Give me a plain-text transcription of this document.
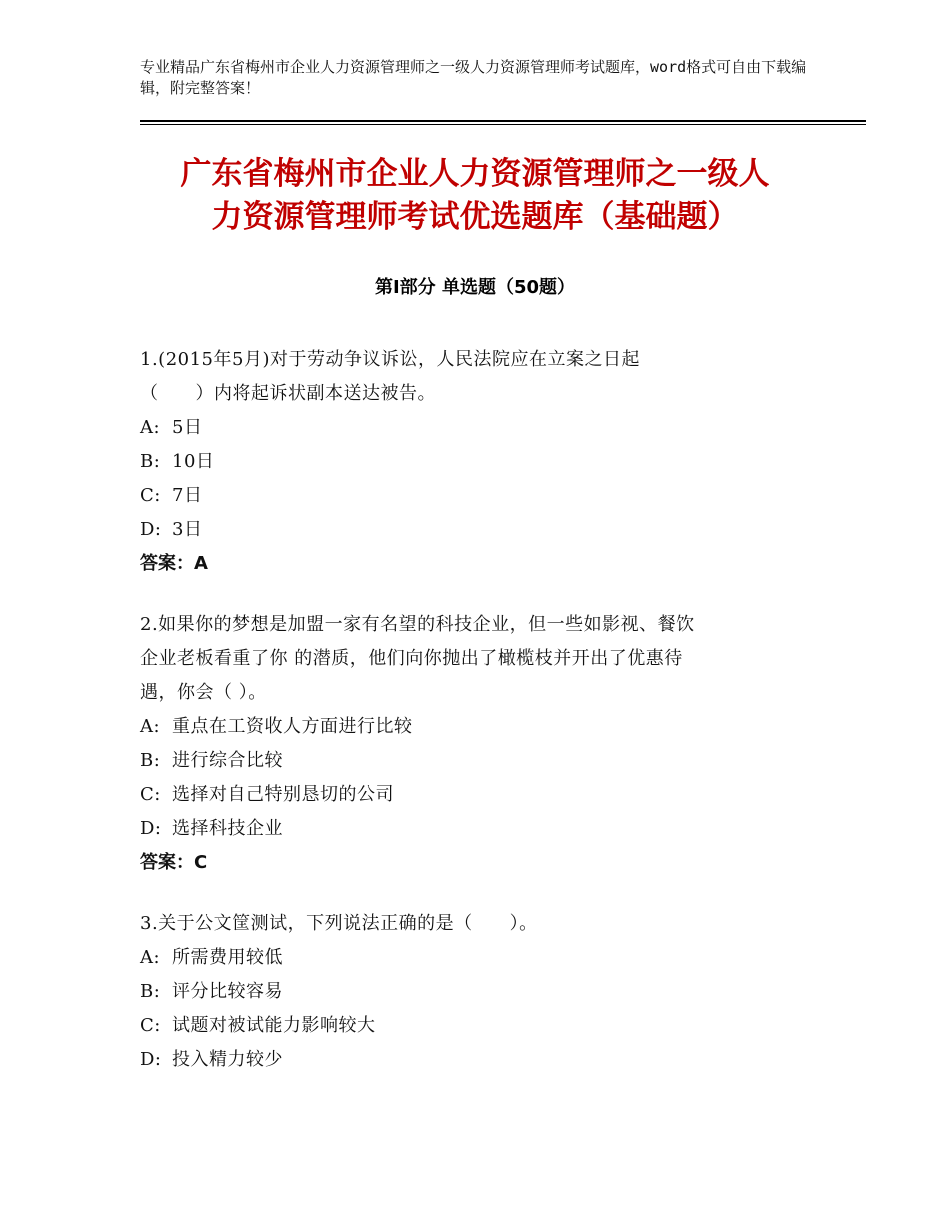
专业精品广东省梅州市企业人力资源管理师之一级人力资源管理师考试题库，word格式可自由下载编辑，附完整答案！
广东省梅州市企业人力资源管理师之一级人
力资源管理师考试优选题库（基础题）
第Ⅰ部分 单选题（50题）
1.(2015年5月)对于劳动争议诉讼，人民法院应在立案之日起
（　　）内将起诉状副本送达被告。
A: 5日
B: 10日
C: 7日
D: 3日
答案：A
2.如果你的梦想是加盟一家有名望的科技企业，但一些如影视、餐饮
企业老板看重了你 的潜质，他们向你抛出了橄榄枝并开出了优惠待
遇，你会（ ）。
A: 重点在工资收人方面进行比较
B: 进行综合比较
C: 选择对自己特别恳切的公司
D: 选择科技企业
答案：C
3.关于公文筐测试，下列说法正确的是（　　）。
A: 所需费用较低
B: 评分比较容易
C: 试题对被试能力影响较大
D: 投入精力较少
